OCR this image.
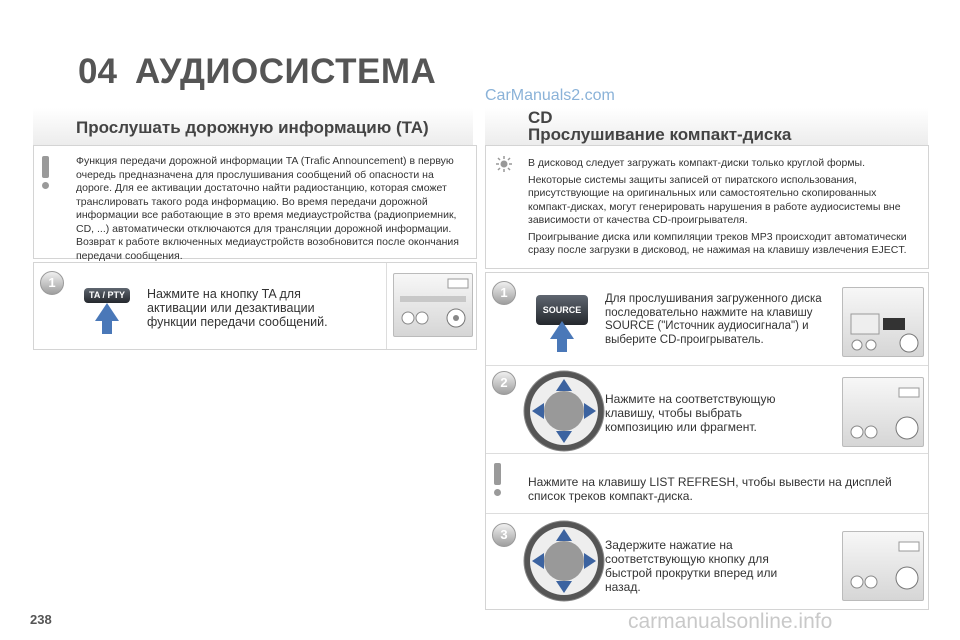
04 АУДИОСИСТЕМА
CarManuals2.com
Прослушать дорожную информацию (TA)
Функция передачи дорожной информации TA (Trafic Announcement) в первую очередь предназначена для прослушивания сообщений об опасности на дороге. Для ее активации достаточно найти радиостанцию, которая сможет транслировать такого рода информацию. Во время передачи дорожной информации все работающие в это время медиаустройства (радиоприемник, CD, ...) автоматически отключаются для трансляции дорожной информации. Возврат к работе включенных медиаустройств возобновится после окончания передачи сообщения.
1
TA / PTY	Нажмите на кнопку TA для активации или дезактивации функции передачи сообщений.
CD
Прослушивание компакт-диска

В дисковод следует загружать компакт-диски только круглой формы.

Некоторые системы защиты записей от пиратского использования, присутствующие на оригинальных или самостоятельно скопированных компакт-дисках, могут генерировать нарушения в работе аудиосистемы вне зависимости от качества CD-проигрывателя.

Проигрывание диска или компиляции треков MP3 происходит автоматически сразу после загрузки в дисковод, не нажимая на клавишу извлечения EJECT.

1
SOURCE
2
3
Для прослушивания загруженного диска последовательно нажмите на клавишу SOURCE ("Источник аудиосигнала") и выберите CD-проигрыватель.
Нажмите на соответствующую клавишу, чтобы выбрать композицию или фрагмент.
Нажмите на клавишу LIST REFRESH, чтобы вывести на дисплей список треков компакт-диска.
Задержите нажатие на соответствующую кнопку для быстрой прокрутки вперед или назад.
238	carmanualsonline.info
